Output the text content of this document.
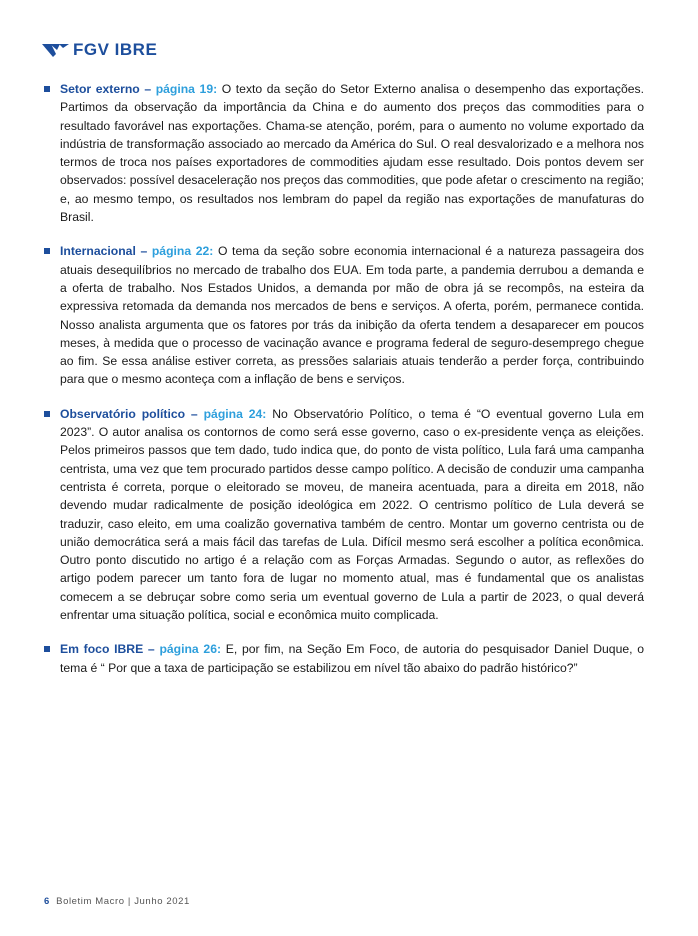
FGV IBRE

Setor externo – página 19: O texto da seção do Setor Externo analisa o desempenho das exportações. Partimos da observação da importância da China e do aumento dos preços das commodities para o resultado favorável nas exportações. Chama-se atenção, porém, para o aumento no volume exportado da indústria de transformação associado ao mercado da América do Sul. O real desvalorizado e a melhora nos termos de troca nos países exportadores de commodities ajudam esse resultado. Dois pontos devem ser observados: possível desaceleração nos preços das commodities, que pode afetar o crescimento na região; e, ao mesmo tempo, os resultados nos lembram do papel da região nas exportações de manufaturas do Brasil.

Internacional – página 22: O tema da seção sobre economia internacional é a natureza passageira dos atuais desequilíbrios no mercado de trabalho dos EUA. Em toda parte, a pandemia derrubou a demanda e a oferta de trabalho. Nos Estados Unidos, a demanda por mão de obra já se recompôs, na esteira da expressiva retomada da demanda nos mercados de bens e serviços. A oferta, porém, permanece contida. Nosso analista argumenta que os fatores por trás da inibição da oferta tendem a desaparecer em poucos meses, à medida que o processo de vacinação avance e programa federal de seguro-desemprego chegue ao fim. Se essa análise estiver correta, as pressões salariais atuais tenderão a perder força, contribuindo para que o mesmo aconteça com a inflação de bens e serviços.

Observatório político – página 24: No Observatório Político, o tema é “O eventual governo Lula em 2023”. O autor analisa os contornos de como será esse governo, caso o ex-presidente vença as eleições. Pelos primeiros passos que tem dado, tudo indica que, do ponto de vista político, Lula fará uma campanha centrista, uma vez que tem procurado partidos desse campo político. A decisão de conduzir uma campanha centrista é correta, porque o eleitorado se moveu, de maneira acentuada, para a direita em 2018, não devendo mudar radicalmente de posição ideológica em 2022. O centrismo político de Lula deverá se traduzir, caso eleito, em uma coalizão governativa também de centro. Montar um governo centrista ou de união democrática será a mais fácil das tarefas de Lula. Difícil mesmo será escolher a política econômica. Outro ponto discutido no artigo é a relação com as Forças Armadas. Segundo o autor, as reflexões do artigo podem parecer um tanto fora de lugar no momento atual, mas é fundamental que os analistas comecem a se debruçar sobre como seria um eventual governo de Lula a partir de 2023, o qual deverá enfrentar uma situação política, social e econômica muito complicada.

Em foco IBRE – página 26: E, por fim, na Seção Em Foco, de autoria do pesquisador Daniel Duque, o tema é “ Por que a taxa de participação se estabilizou em nível tão abaixo do padrão histórico?”

6 Boletim Macro | Junho 2021
